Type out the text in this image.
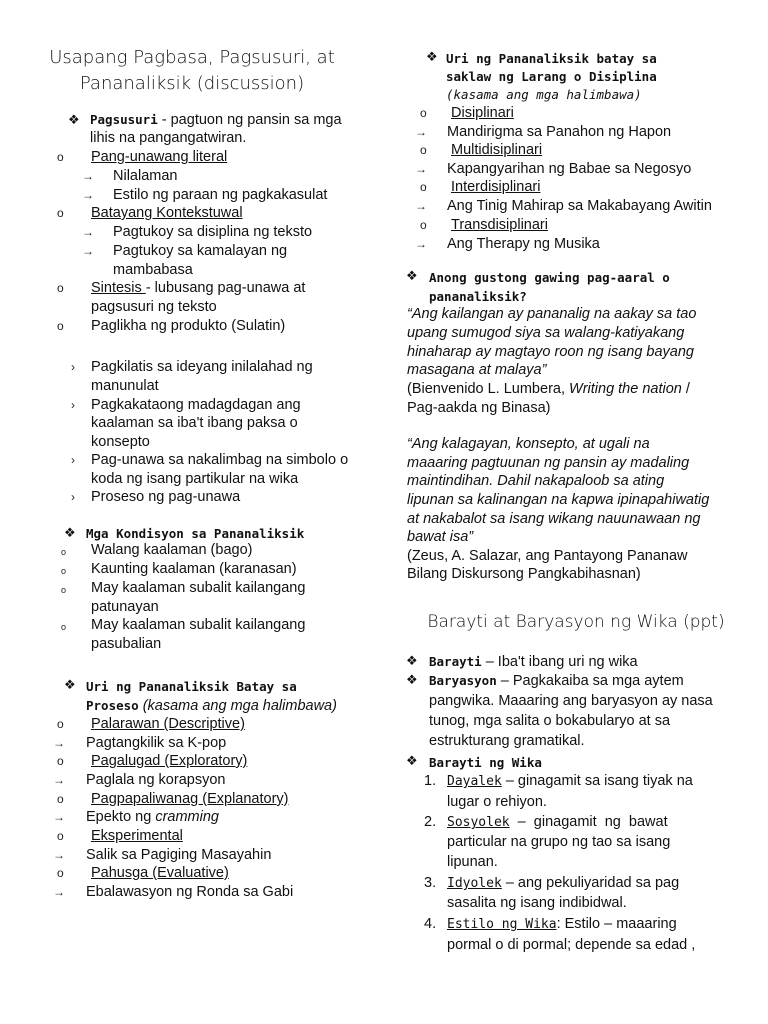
Usapang Pagbasa, Pagsusuri, at
Pananaliksik (discussion)
❖ Pagsusuri - pagtuon ng pansin sa mga
lihis na pangangatwiran.
o Pang-unawang literal
→ Nilalaman
→ Estilo ng paraan ng pagkakasulat
o Batayang Kontekstuwal
→ Pagtukoy sa disiplina ng teksto
→ Pagtukoy sa kamalayan ng
mambabasa
o Sintesis - lubusang pag-unawa at
pagsusuri ng teksto
o Paglikha ng produkto (Sulatin)
› Pagkilatis sa ideyang inilalahad ng
manunulat
› Pagkakataong madagdagan ang
kaalaman sa iba't ibang paksa o
konsepto
› Pag-unawa sa nakalimbag na simbolo o
koda ng isang partikular na wika
› Proseso ng pag-unawa
❖ Mga Kondisyon sa Pananaliksik
o Walang kaalaman (bago)
o Kaunting kaalaman (karanasan)
o May kaalaman subalit kailangang
patunayan
o May kaalaman subalit kailangang
pasubalian
❖ Uri ng Pananaliksik Batay sa
Proseso (kasama ang mga halimbawa)
o Palarawan (Descriptive)
→ Pagtangkilik sa K-pop
o Pagalugad (Exploratory)
→ Paglala ng korapsyon
o Pagpapaliwanag (Explanatory)
→ Epekto ng cramming
o Eksperimental
→ Salik sa Pagiging Masayahin
o Pahusga (Evaluative)
→ Ebalawasyon ng Ronda sa Gabi
❖ Uri ng Pananaliksik batay sa
saklaw ng Larang o Disiplina
(kasama ang mga halimbawa)
o Disiplinari
→ Mandirigma sa Panahon ng Hapon
o Multidisiplinari
→ Kapangyarihan ng Babae sa Negosyo
o Interdisiplinari
→ Ang Tinig Mahirap sa Makabayang Awitin
o Transdisiplinari
→ Ang Therapy ng Musika
❖ Anong gustong gawing pag-aaral o
pananaliksik?
“Ang kailangan ay pananalig na aakay sa tao
upang sumugod siya sa walang-katiyakang
hinaharap ay magtayo roon ng isang bayang
masagana at malaya”
(Bienvenido L. Lumbera, Writing the nation /
Pag-aakda ng Binasa)
“Ang kalagayan, konsepto, at ugali na
maaaring pagtuunan ng pansin ay madaling
maintindihan. Dahil nakapaloob sa ating
lipunan sa kalinangan na kapwa ipinapahiwatig
at nakabalot sa isang wikang nauunawaan ng
bawat isa”
(Zeus, A. Salazar, ang Pantayong Pananaw
Bilang Diskursong Pangkabihasnan)
Barayti at Baryasyon ng Wika (ppt)
❖ Barayti – Iba't ibang uri ng wika
❖ Baryasyon – Pagkakaiba sa mga aytem
pangwika. Maaaring ang baryasyon ay nasa
tunog, mga salita o bokabularyo at sa
estrukturang gramatikal.
❖ Barayti ng Wika
1. Dayalek – ginagamit sa isang tiyak na
lugar o rehiyon.
2. Sosyolek  –  ginagamit  ng  bawat
particular na grupo ng tao sa isang
lipunan.
3. Idyolek – ang pekuliyaridad sa pag
sasalita ng isang indibidwal.
4. Estilo ng Wika: Estilo – maaaring
pormal o di pormal; depende sa edad ,
